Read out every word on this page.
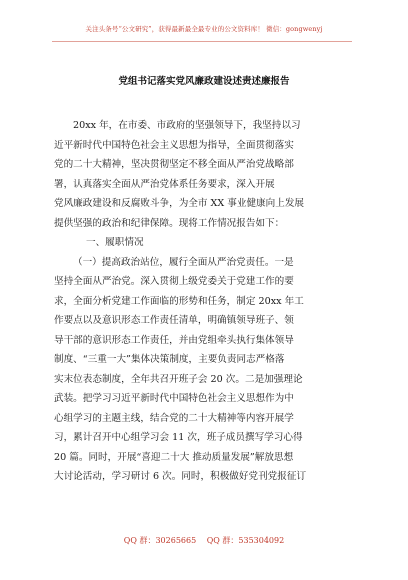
关注头条号“公文研究”，获得最新最全最专业的公文资料库！ 微信：gongwenyj
党组书记落实党风廉政建设述责述廉报告
20xx 年，在市委、市政府的坚强领导下，我坚持以习
近平新时代中国特色社会主义思想为指导，全面贯彻落实
党的二十大精神，坚决贯彻坚定不移全面从严治党战略部
署，认真落实全面从严治党体系任务要求，深入开展
党风廉政建设和反腐败斗争，为全市 XX 事业健康向上发展
提供坚强的政治和纪律保障。现将工作情况报告如下：
一、履职情况
（一）提高政治站位，履行全面从严治党责任。一是
坚持全面从严治党。深入贯彻上级党委关于党建工作的要
求，全面分析党建工作面临的形势和任务，制定 20xx 年工
作要点以及意识形态工作责任清单，明确镇领导班子、领
导干部的意识形态工作责任，并由党组牵头执行集体领导
制度、“三重一大”集体决策制度，主要负责同志严格落
实末位表态制度，全年共召开班子会 20 次。二是加强理论
武装。把学习习近平新时代中国特色社会主义思想作为中
心组学习的主题主线，结合党的二十大精神等内容开展学
习，累计召开中心组学习会 11 次，班子成员撰写学习心得
20 篇。同时，开展“喜迎二十大 推动质量发展”解放思想
大讨论活动，学习研讨 6 次。同时，积极做好党刊党报征订
QQ 群：30265665 QQ 群：535304092
